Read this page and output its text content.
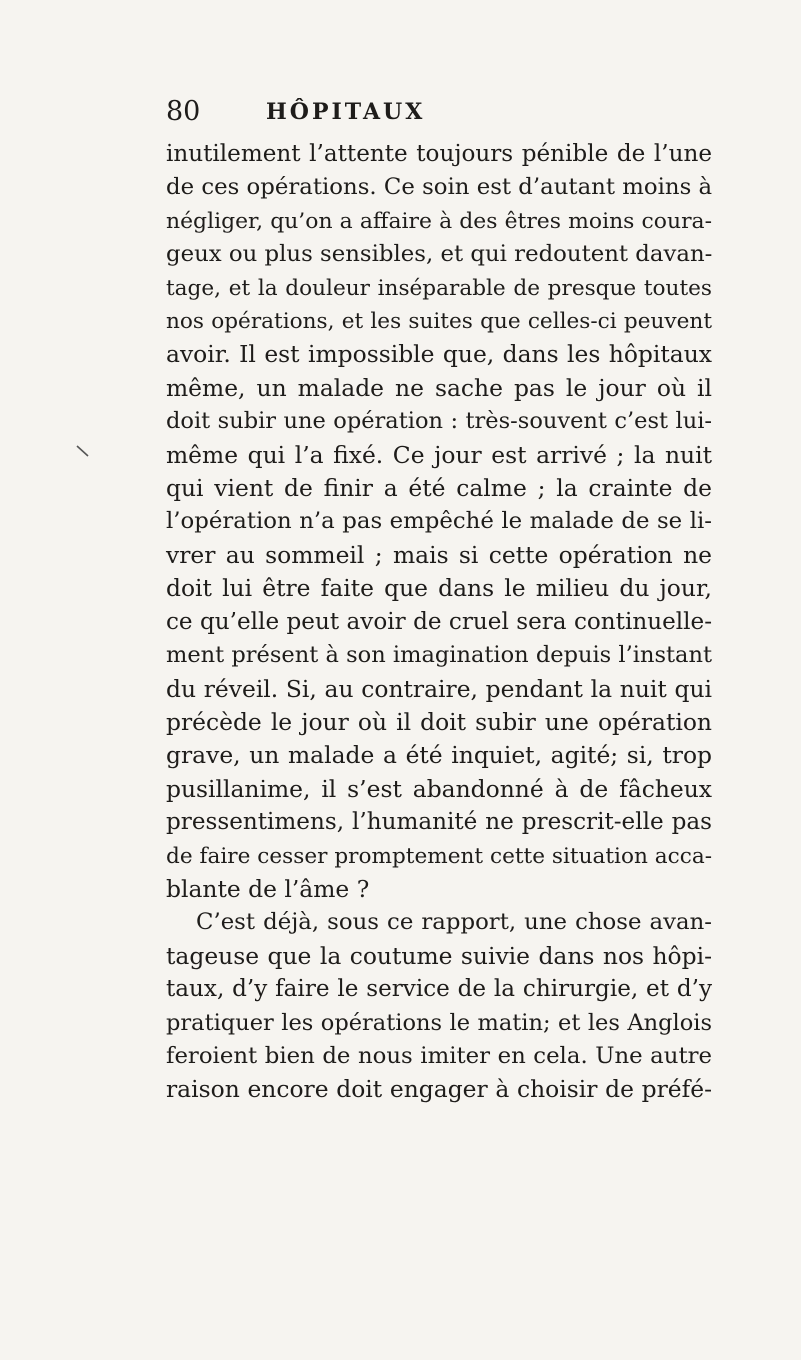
80	HÔPITAUX
inutilement l’attente toujours pénible de l’une
de ces opérations. Ce soin est d’autant moins à
négliger, qu’on a affaire à des êtres moins coura-
geux ou plus sensibles, et qui redoutent davan-
tage, et la douleur inséparable de presque toutes
nos opérations, et les suites que celles-ci peuvent
avoir. Il est impossible que, dans les hôpitaux
même, un malade ne sache pas le jour où il
doit subir une opération : très-souvent c’est lui-
même qui l’a fixé. Ce jour est arrivé ; la nuit
qui vient de finir a été calme ; la crainte de
l’opération n’a pas empêché le malade de se li-
vrer au sommeil ; mais si cette opération ne
doit lui être faite que dans le milieu du jour,
ce qu’elle peut avoir de cruel sera continuelle-
ment présent à son imagination depuis l’instant
du réveil. Si, au contraire, pendant la nuit qui
précède le jour où il doit subir une opération
grave, un malade a été inquiet, agité; si, trop
pusillanime, il s’est abandonné à de fâcheux
pressentimens, l’humanité ne prescrit-elle pas
de faire cesser promptement cette situation acca-
blante de l’âme ?
C’est déjà, sous ce rapport, une chose avan-
tageuse que la coutume suivie dans nos hôpi-
taux, d’y faire le service de la chirurgie, et d’y
pratiquer les opérations le matin; et les Anglois
feroient bien de nous imiter en cela. Une autre
raison encore doit engager à choisir de préfé-
